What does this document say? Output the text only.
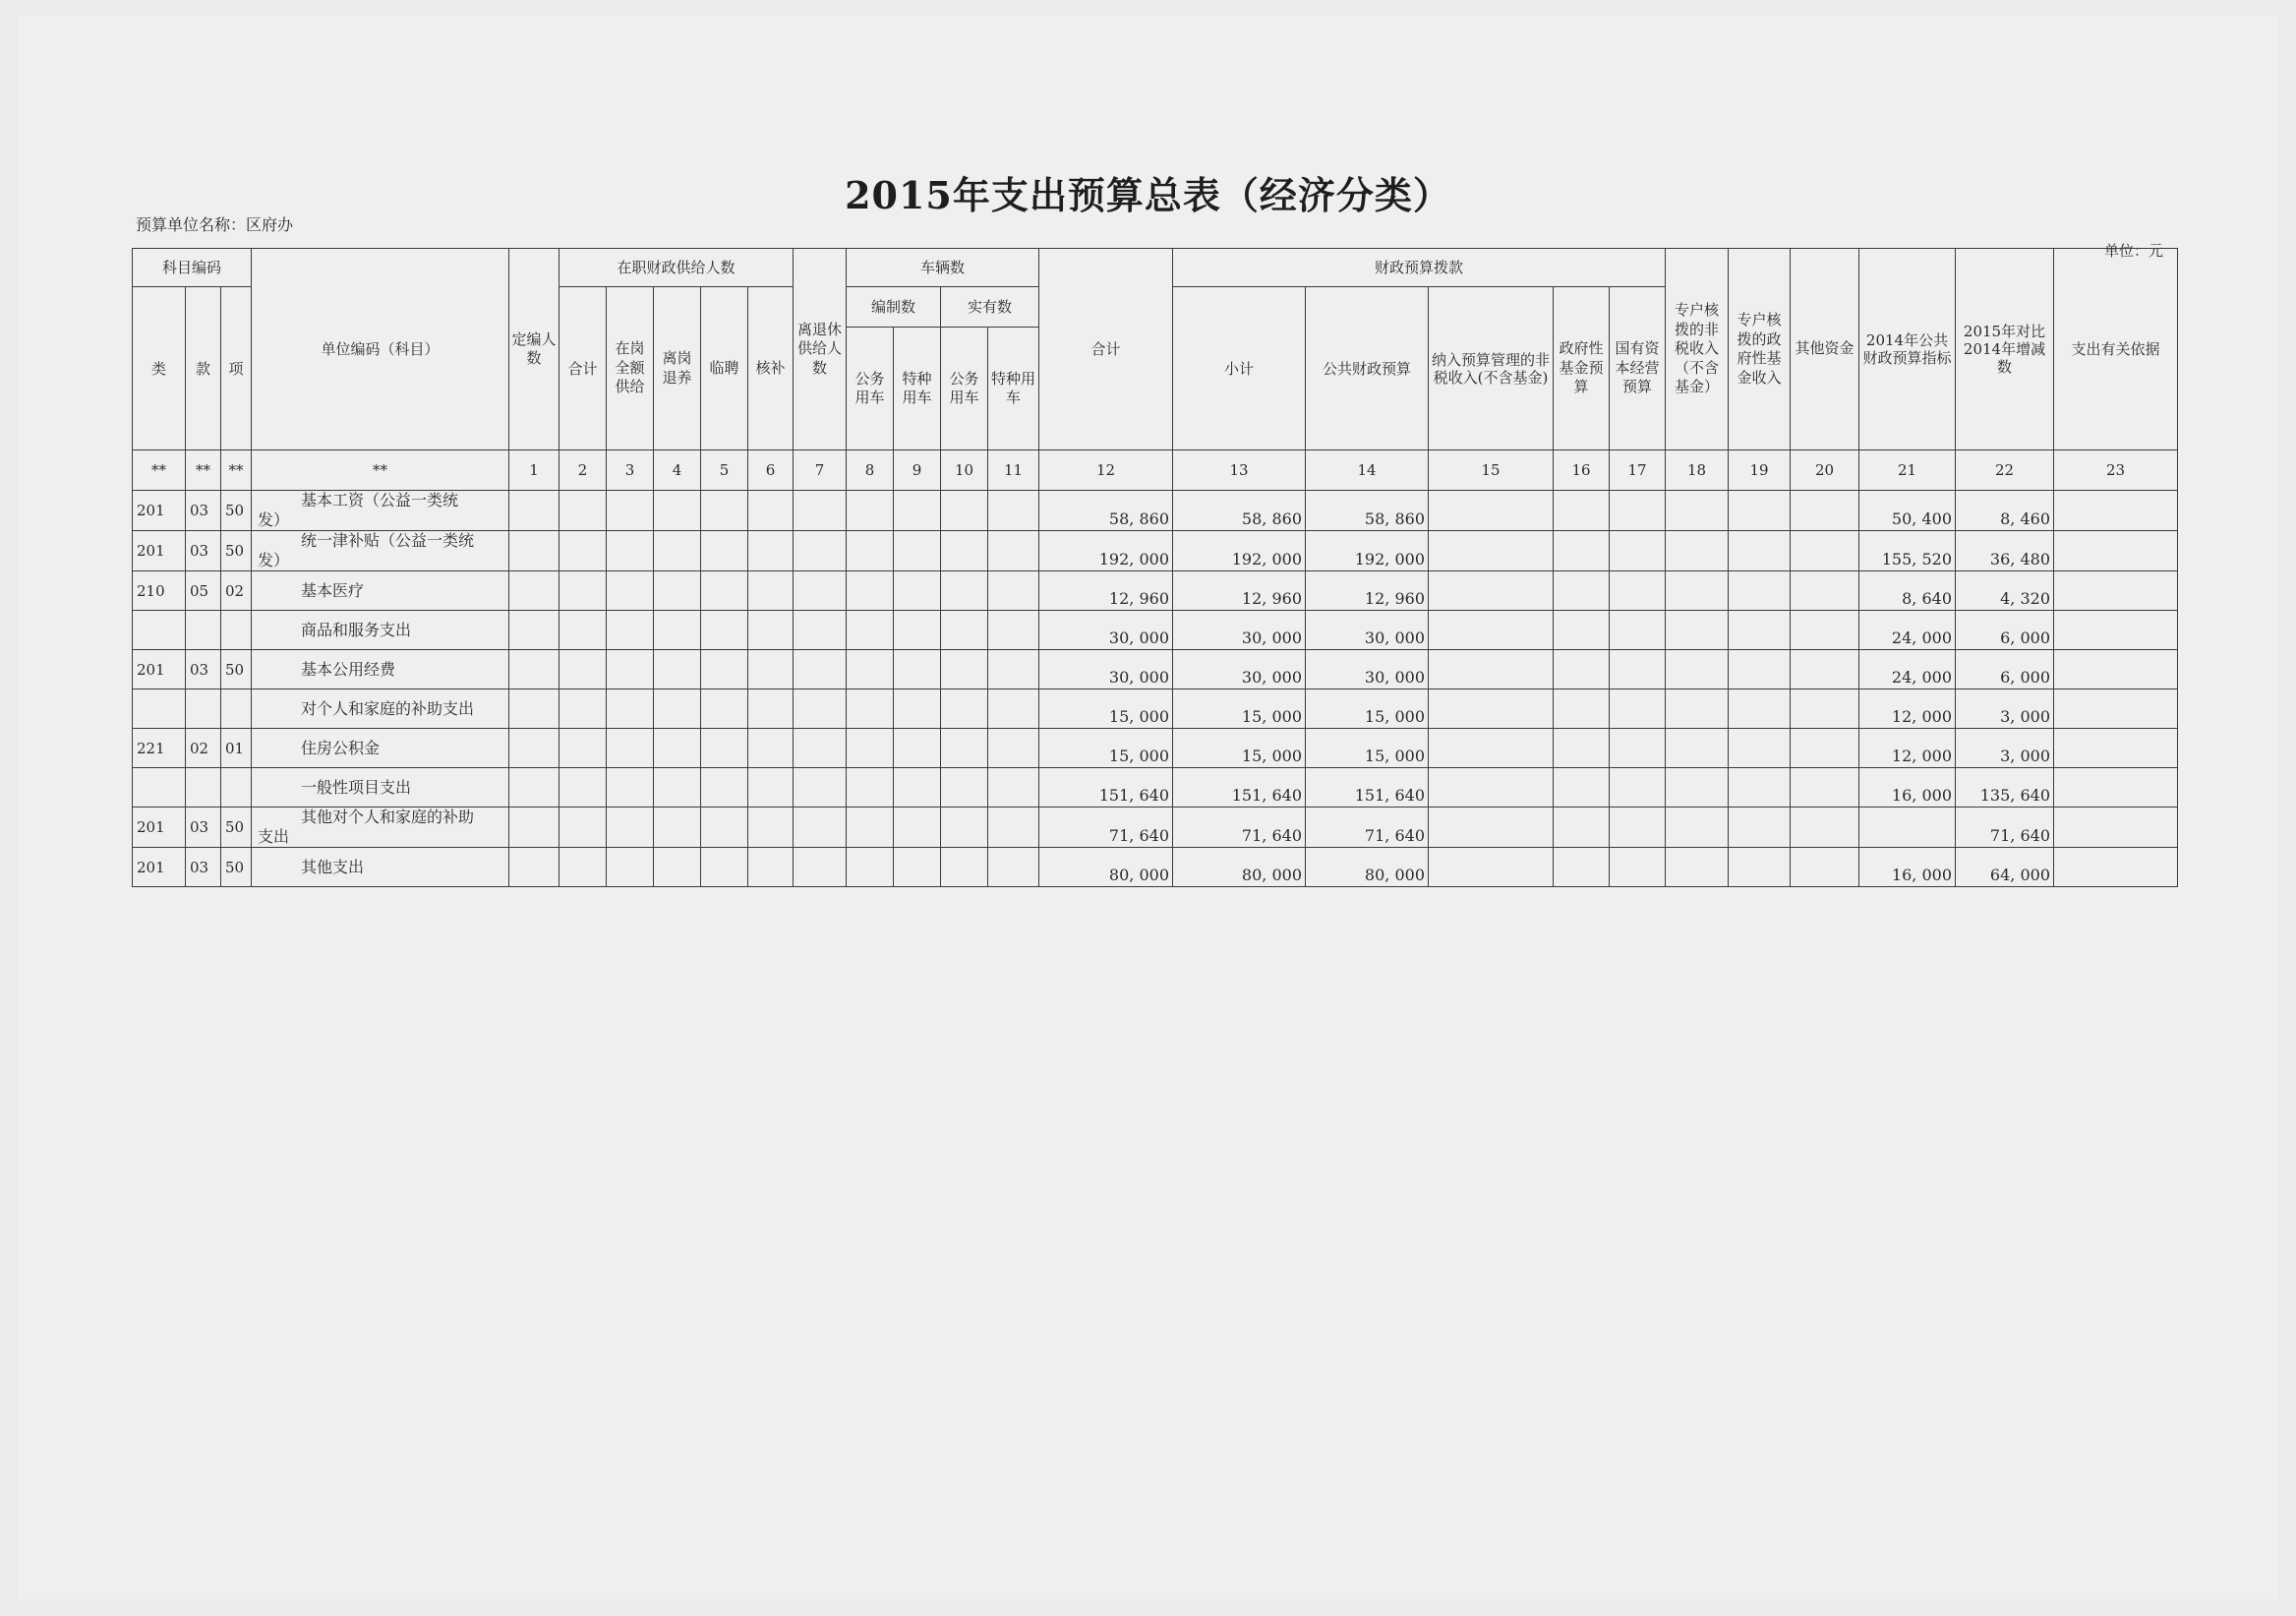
2015年支出预算总表（经济分类）
预算单位名称：区府办
单位：元
科目编码			单位编码（科目）	定编人数	在职财政供给人数					离退休供给人数	车辆数				合计	财政预算拨款					专户核拨的非税收入（不含基金）	专户核拨的政府性基金收入	其他资金	2014年公共财政预算指标	2015年对比2014年增减数	支出有关依据
类	款	项			合计	在岗全额供给	离岗退养	临聘	核补		编制数		实有数			小计	公共财政预算	纳入预算管理的非税收入(不含基金)	政府性基金预算	国有资本经营预算						
											公务用车	特种用车	公务用车	特种用车												
**	**	**	**	1	2	3	4	5	6	7	8	9	10	11	12	13	14	15	16	17	18	19	20	21	22	23
201	03	50	基本工资（公益一类统
发）												58, 860	58, 860	58, 860							50, 400	8, 460	
201	03	50	统一津补贴（公益一类统
发）												192, 000	192, 000	192, 000							155, 520	36, 480	
210	05	02	基本医疗												12, 960	12, 960	12, 960							8, 640	4, 320	

			商品和服务支出												30, 000	30, 000	30, 000							24, 000	6, 000	
201	03	50	基本公用经费												30, 000	30, 000	30, 000							24, 000	6, 000	

			对个人和家庭的补助支出												15, 000	15, 000	15, 000							12, 000	3, 000	
221	02	01	住房公积金												15, 000	15, 000	15, 000							12, 000	3, 000	

			一般性项目支出												151, 640	151, 640	151, 640							16, 000	135, 640	
201	03	50	其他对个人和家庭的补助
支出												71, 640	71, 640	71, 640								71, 640	
201	03	50	其他支出												80, 000	80, 000	80, 000							16, 000	64, 000	
